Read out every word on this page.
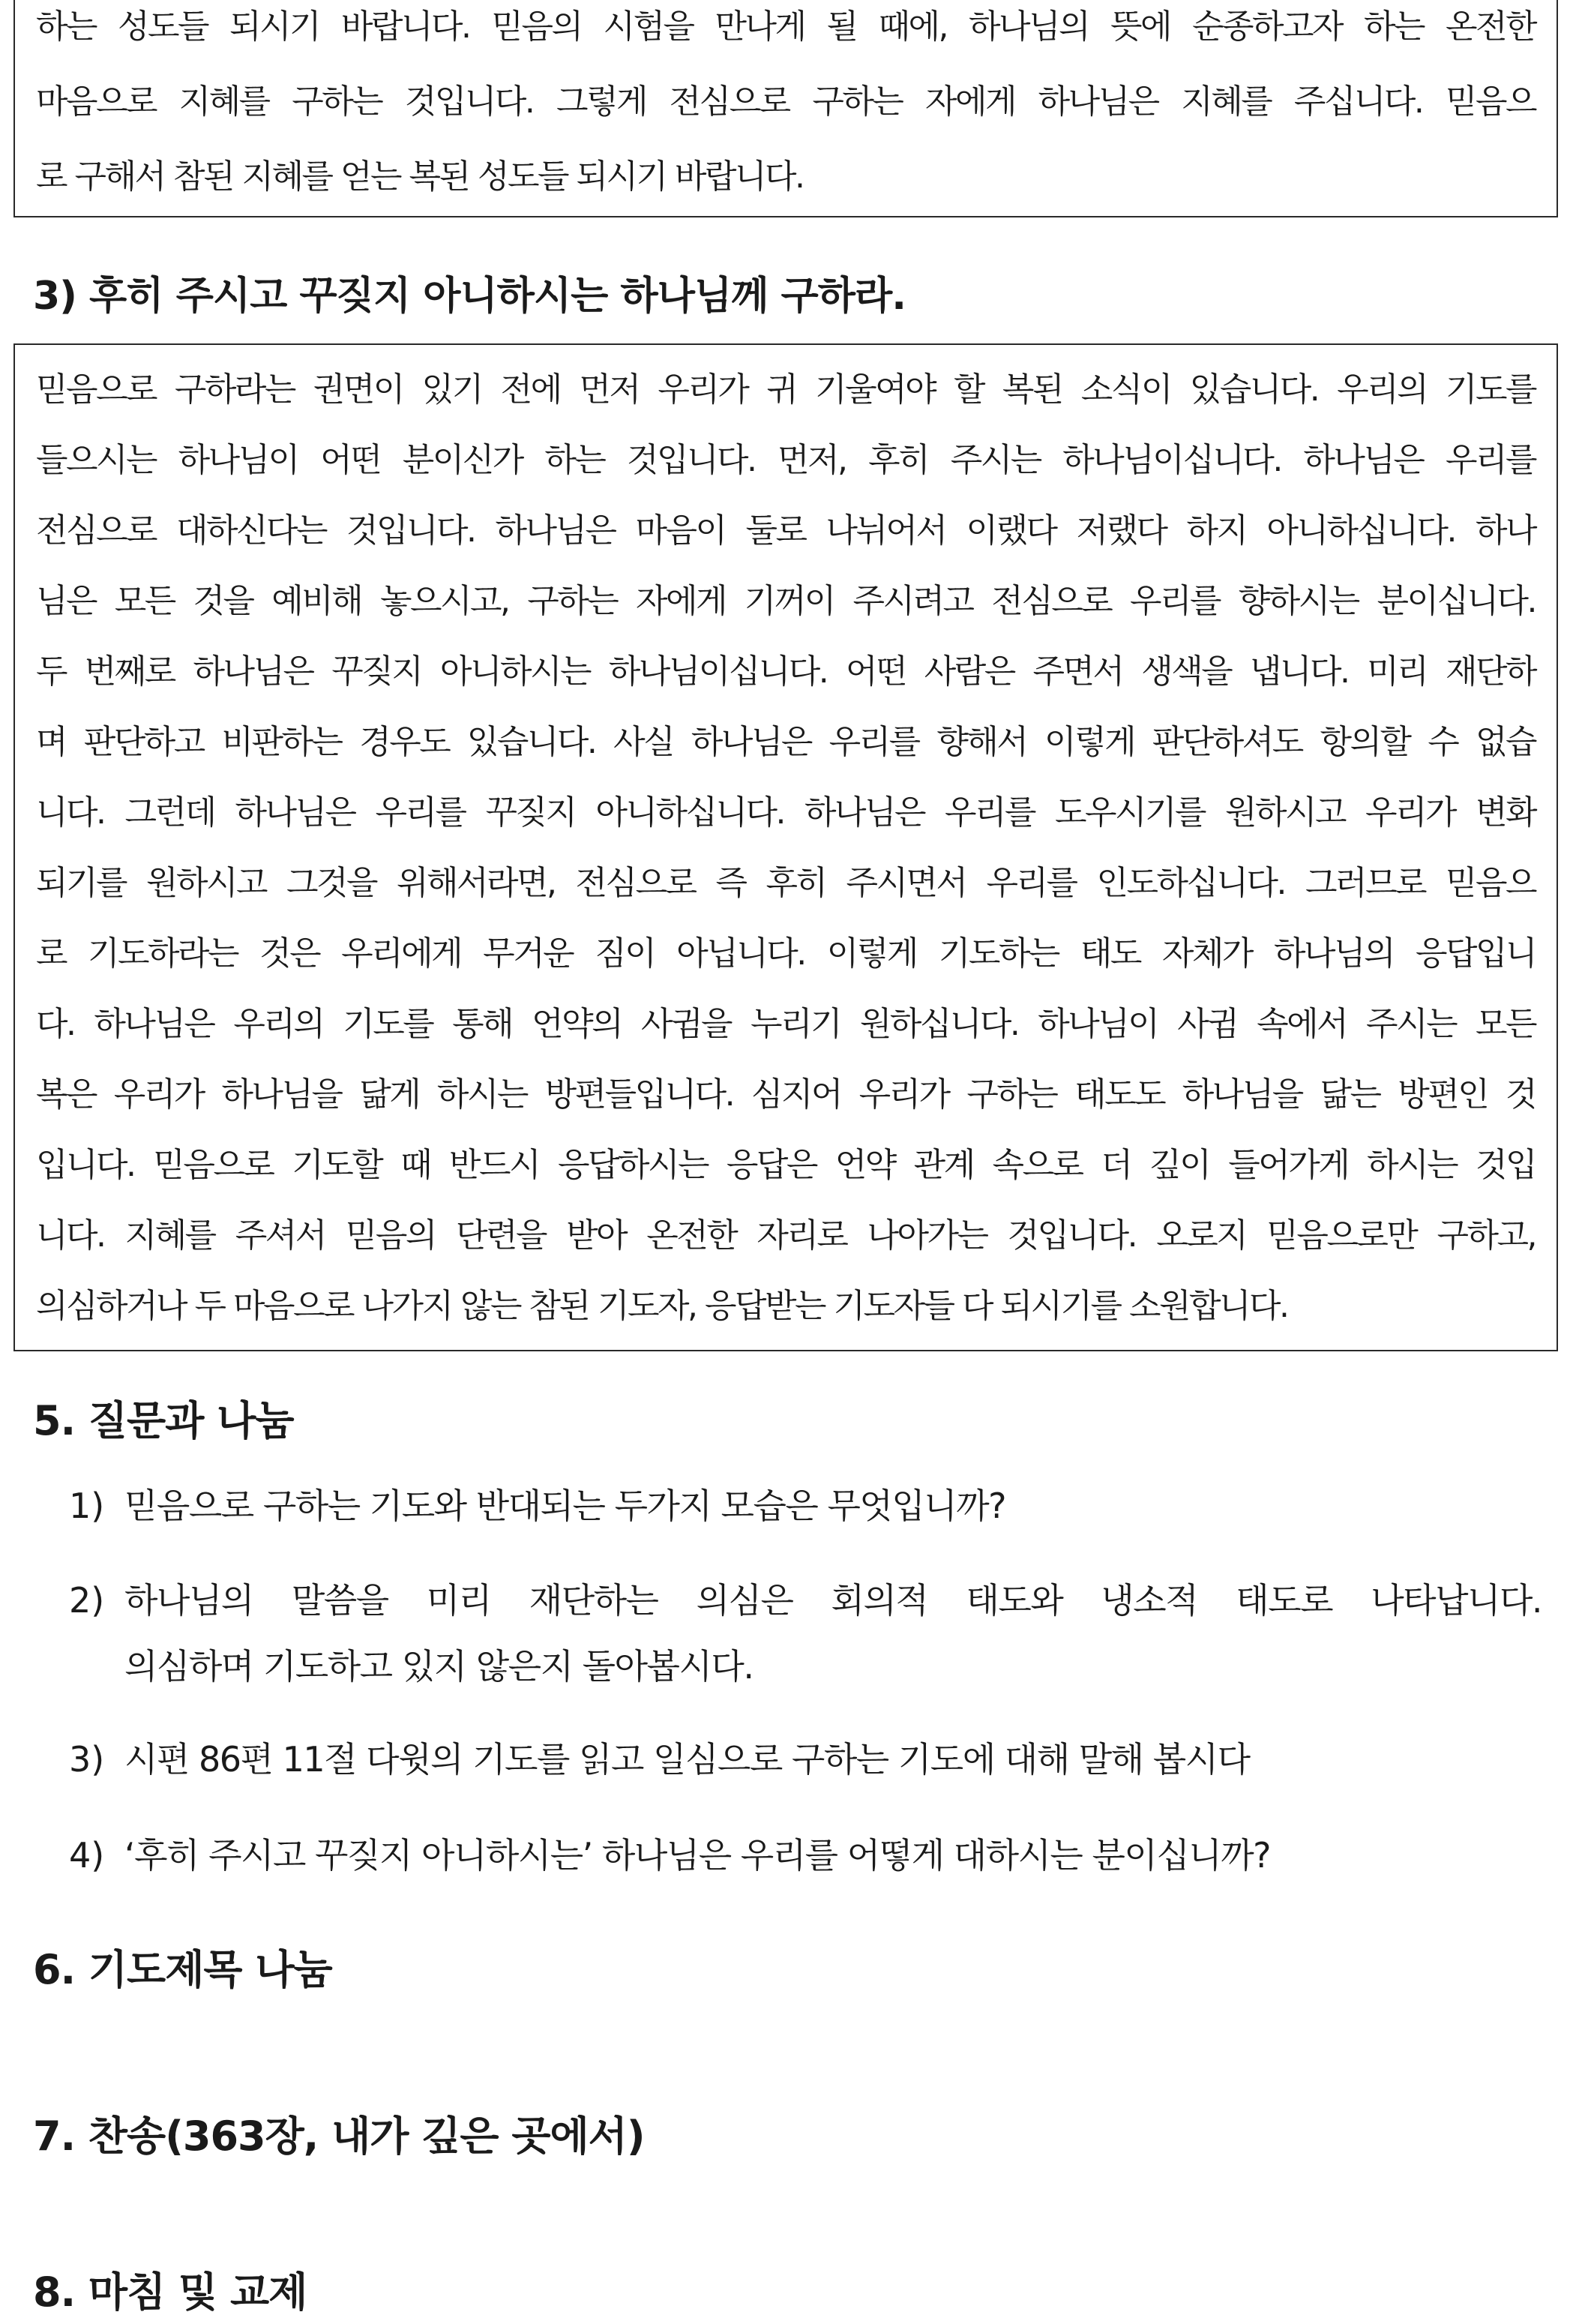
하는 성도들 되시기 바랍니다. 믿음의 시험을 만나게 될 때에, 하나님의 뜻에 순종하고자 하는 온전한
마음으로 지혜를 구하는 것입니다. 그렇게 전심으로 구하는 자에게 하나님은 지혜를 주십니다. 믿음으
로 구해서 참된 지혜를 얻는 복된 성도들 되시기 바랍니다.
3) 후히 주시고 꾸짖지 아니하시는 하나님께 구하라.
믿음으로 구하라는 권면이 있기 전에 먼저 우리가 귀 기울여야 할 복된 소식이 있습니다. 우리의 기도를
들으시는 하나님이 어떤 분이신가 하는 것입니다. 먼저, 후히 주시는 하나님이십니다. 하나님은 우리를
전심으로 대하신다는 것입니다. 하나님은 마음이 둘로 나뉘어서 이랬다 저랬다 하지 아니하십니다. 하나
님은 모든 것을 예비해 놓으시고, 구하는 자에게 기꺼이 주시려고 전심으로 우리를 향하시는 분이십니다.
두 번째로 하나님은 꾸짖지 아니하시는 하나님이십니다. 어떤 사람은 주면서 생색을 냅니다. 미리 재단하
며 판단하고 비판하는 경우도 있습니다. 사실 하나님은 우리를 향해서 이렇게 판단하셔도 항의할 수 없습
니다. 그런데 하나님은 우리를 꾸짖지 아니하십니다. 하나님은 우리를 도우시기를 원하시고 우리가 변화
되기를 원하시고 그것을 위해서라면, 전심으로 즉 후히 주시면서 우리를 인도하십니다. 그러므로 믿음으
로 기도하라는 것은 우리에게 무거운 짐이 아닙니다. 이렇게 기도하는 태도 자체가 하나님의 응답입니
다. 하나님은 우리의 기도를 통해 언약의 사귐을 누리기 원하십니다. 하나님이 사귐 속에서 주시는 모든
복은 우리가 하나님을 닮게 하시는 방편들입니다. 심지어 우리가 구하는 태도도 하나님을 닮는 방편인 것
입니다. 믿음으로 기도할 때 반드시 응답하시는 응답은 언약 관계 속으로 더 깊이 들어가게 하시는 것입
니다. 지혜를 주셔서 믿음의 단련을 받아 온전한 자리로 나아가는 것입니다. 오로지 믿음으로만 구하고,
의심하거나 두 마음으로 나가지 않는 참된 기도자, 응답받는 기도자들 다 되시기를 소원합니다.
5. 질문과 나눔
1) 믿음으로 구하는 기도와 반대되는 두가지 모습은 무엇입니까?
2) 하나님의 말씀을 미리 재단하는 의심은 회의적 태도와 냉소적 태도로 나타납니다.
의심하며 기도하고 있지 않은지 돌아봅시다.
3) 시편 86편 11절 다윗의 기도를 읽고 일심으로 구하는 기도에 대해 말해 봅시다
4) ‘후히 주시고 꾸짖지 아니하시는’ 하나님은 우리를 어떻게 대하시는 분이십니까?
6. 기도제목 나눔
7. 찬송(363장, 내가 깊은 곳에서)
8. 마침 및 교제
